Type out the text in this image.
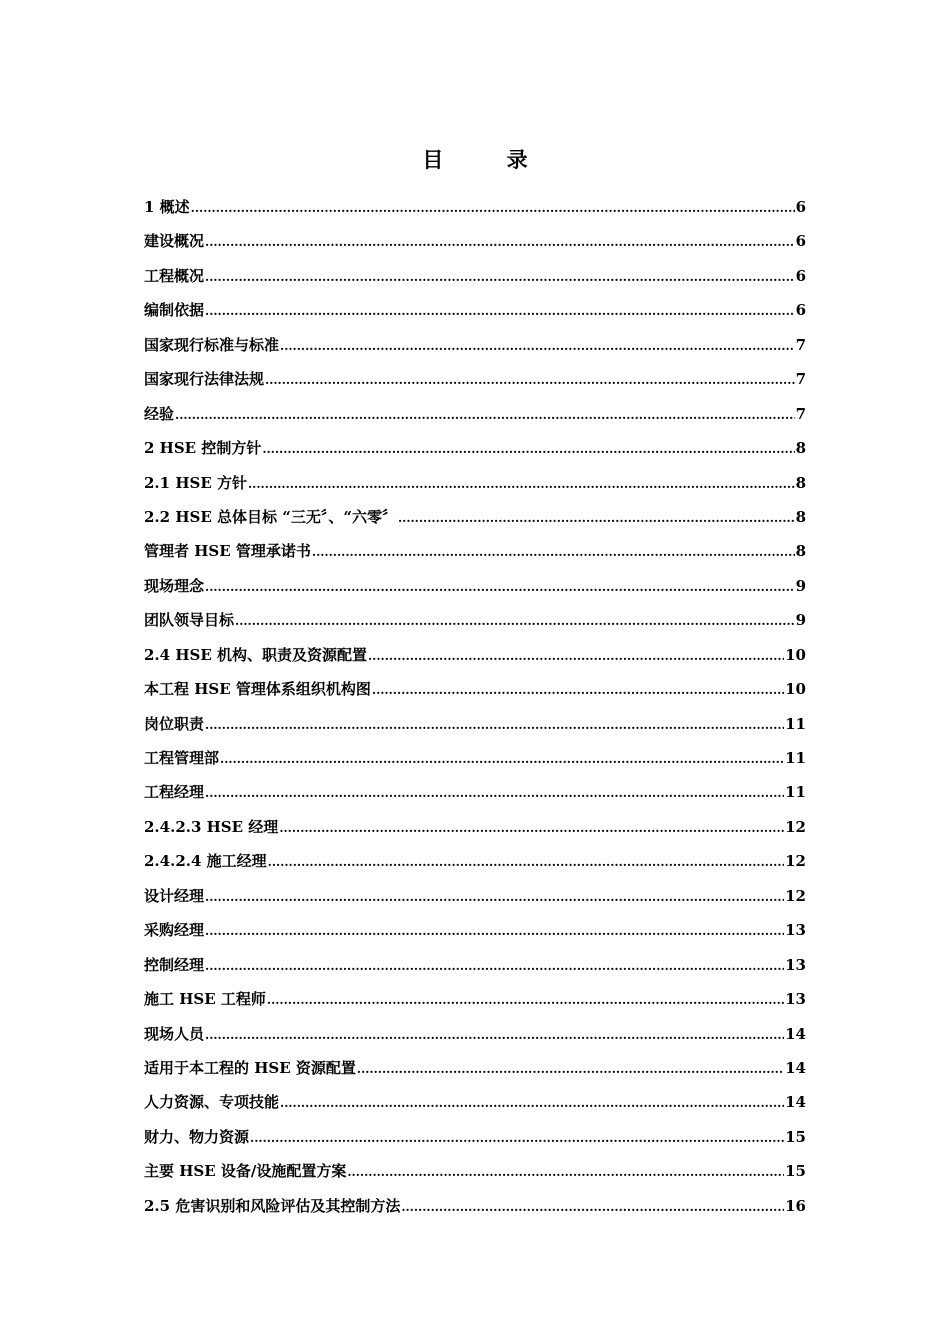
目 录
1 概述 .....	6
建设概况 .....	6
工程概况 .....	6
编制依据 .....	6
国家现行标准与标准 .....	7
国家现行法律法规 .....	7
经验 .....	7
2 HSE 控制方针 .....	8
2.1 HSE 方针 .....	8
2.2 HSE 总体目标 “三无〞、“六零〞 .....	8
管理者 HSE 管理承诺书 .....	8
现场理念 .....	9
团队领导目标 .....	9
2.4 HSE 机构、职责及资源配置 .....	10
本工程 HSE 管理体系组织机构图 .....	10
岗位职责 .....	11
工程管理部 .....	11
工程经理 .....	11
2.4.2.3 HSE 经理 .....	12
2.4.2.4 施工经理 .....	12
设计经理 .....	12
采购经理 .....	13
控制经理 .....	13
施工 HSE 工程师 .....	13
现场人员 .....	14
适用于本工程的 HSE 资源配置 .....	14
人力资源、专项技能 .....	14
财力、物力资源 .....	15
主要 HSE 设备/设施配置方案 .....	15
2.5 危害识别和风险评估及其控制方法 .....	16
